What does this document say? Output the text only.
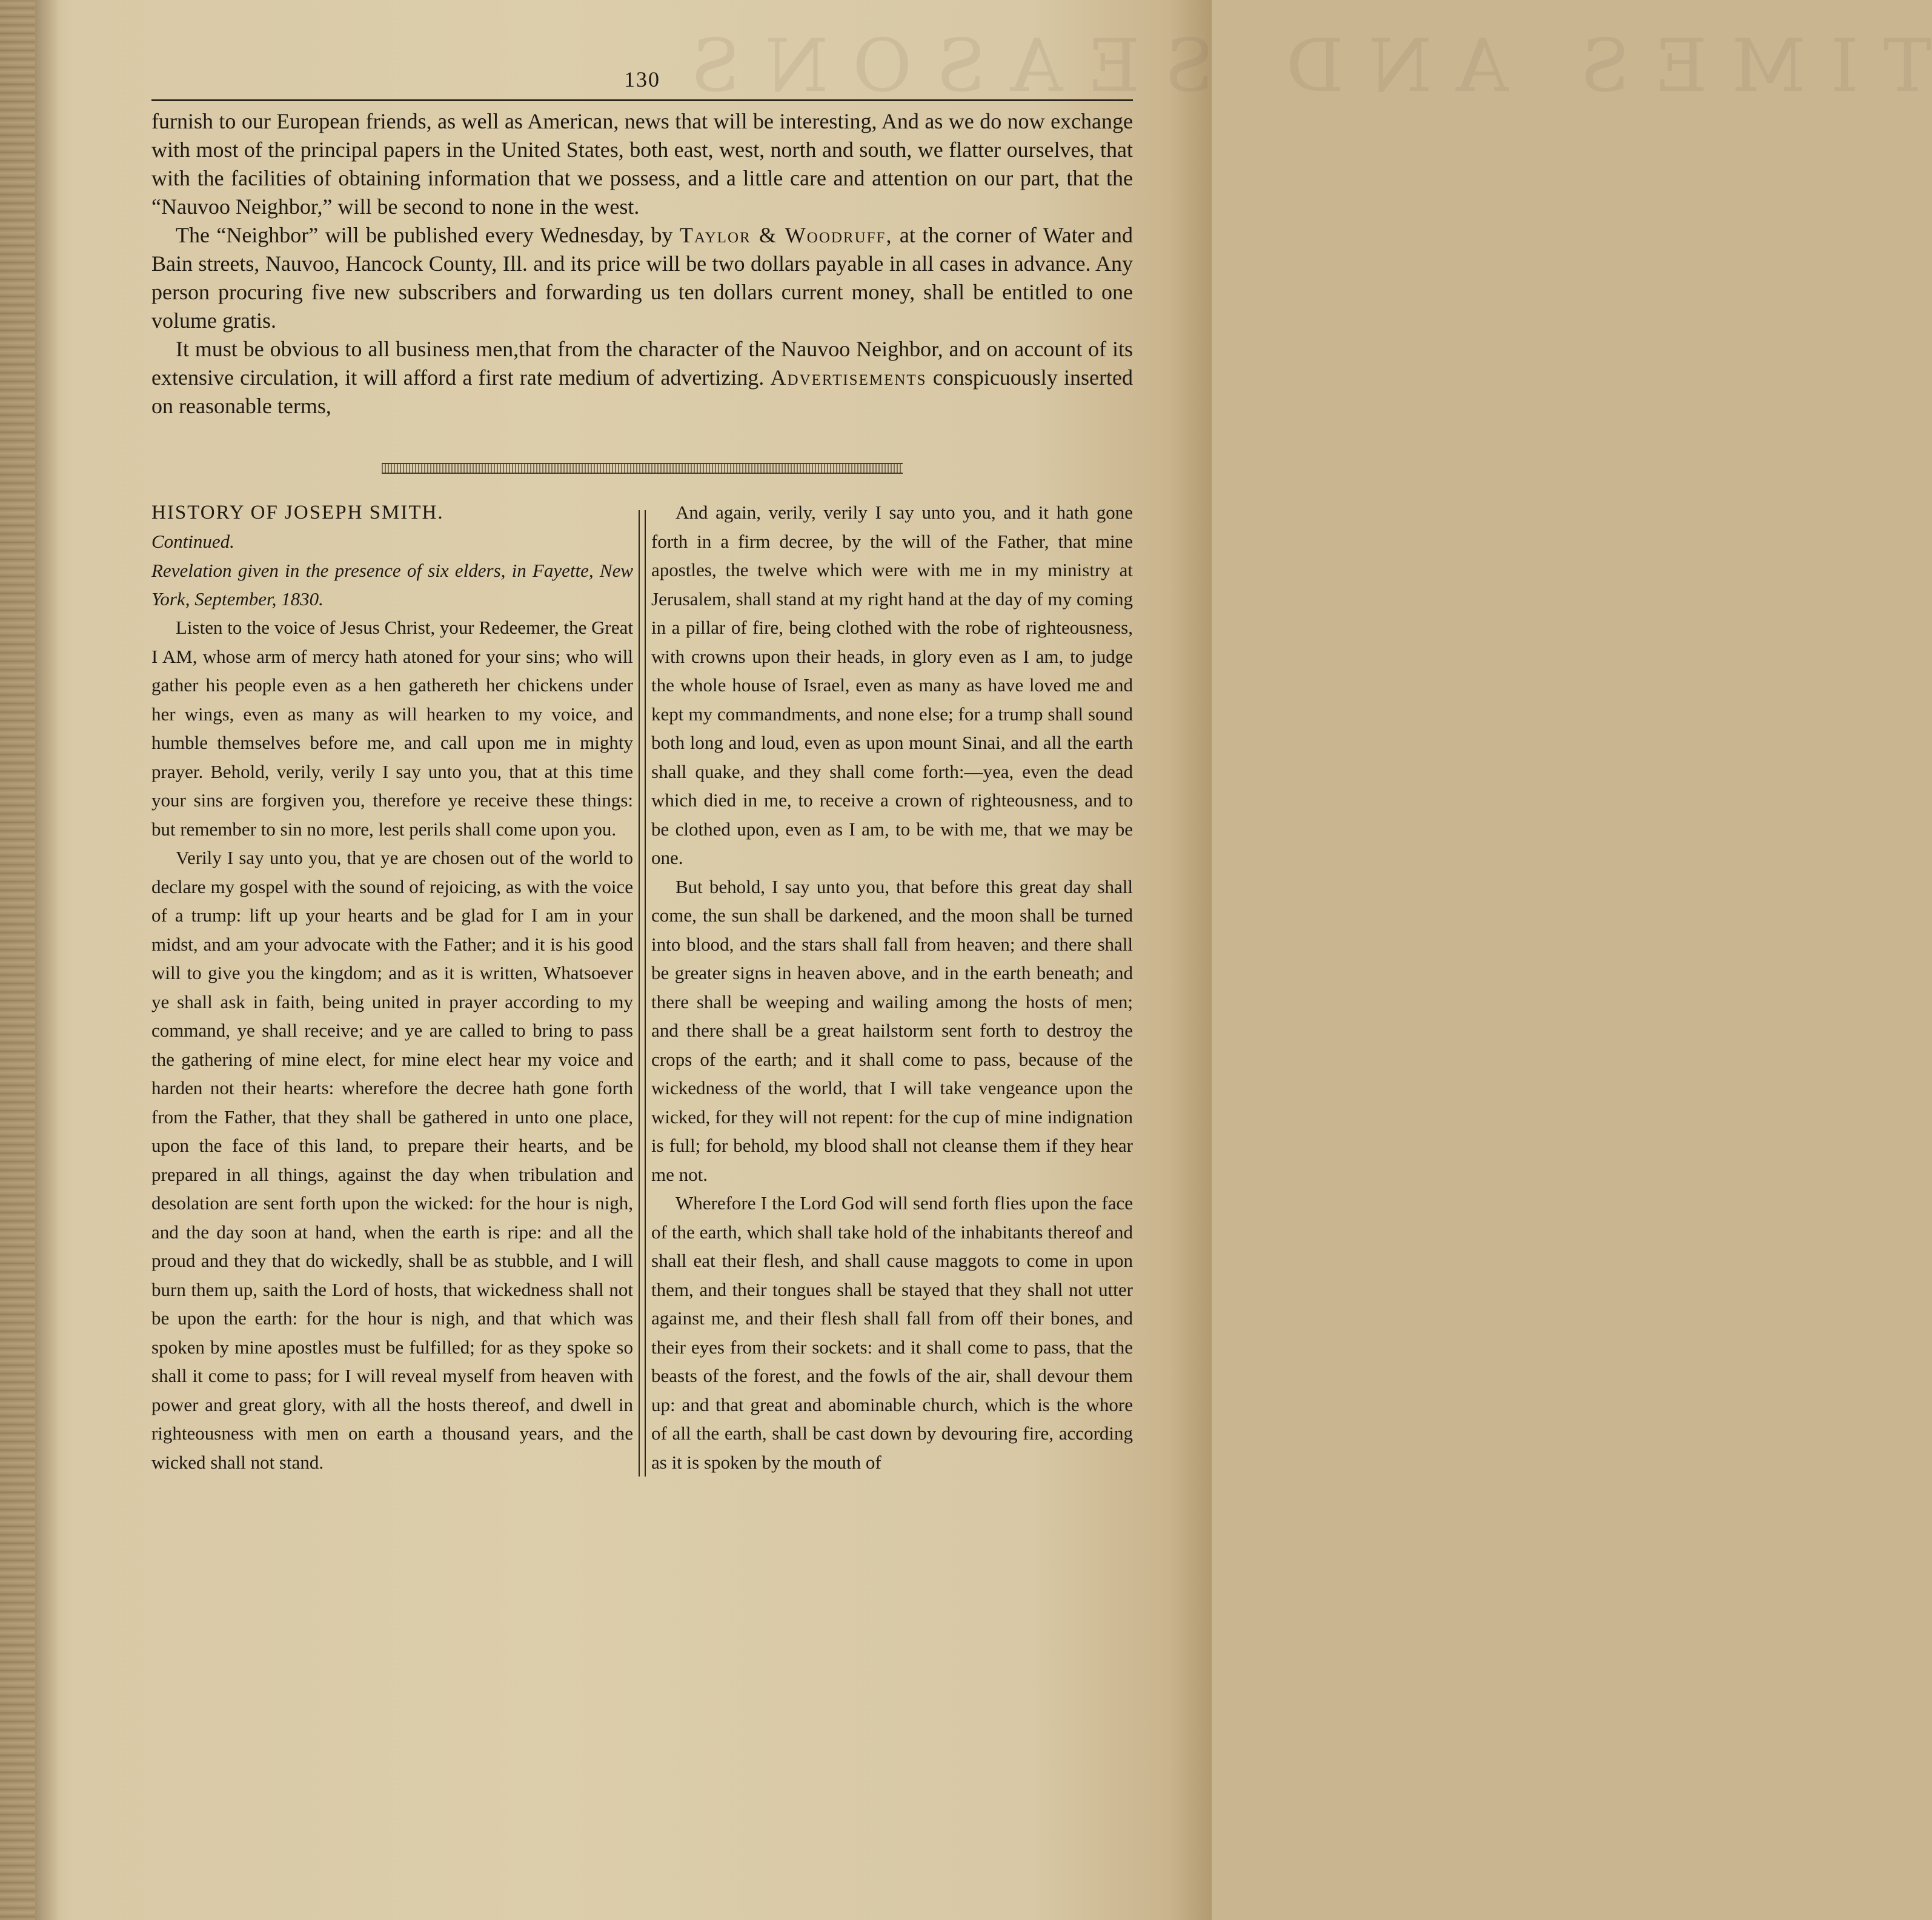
TIMES AND SEASONS
130

furnish to our European friends, as well as American, news that will be interesting, And as we do now exchange with most of the principal papers in the United States, both east, west, north and south, we flatter ourselves, that with the facilities of obtaining information that we possess, and a little care and attention on our part, that the “Nauvoo Neighbor,” will be second to none in the west.

The “Neighbor” will be published every Wednesday, by Taylor & Woodruff, at the corner of Water and Bain streets, Nauvoo, Hancock County, Ill. and its price will be two dollars payable in all cases in advance. Any person procuring five new subscribers and forwarding us ten dollars current money, shall be entitled to one volume gratis.

It must be obvious to all business men,that from the character of the Nauvoo Neighbor, and on account of its extensive circulation, it will afford a first rate medium of advertizing. Advertisements conspicuously inserted on reasonable terms,

HISTORY OF JOSEPH SMITH.

Continued.

Revelation given in the presence of six elders, in Fayette, New York, September, 1830.

Listen to the voice of Jesus Christ, your Redeemer, the Great I AM, whose arm of mercy hath atoned for your sins; who will gather his people even as a hen gathereth her chickens under her wings, even as many as will hearken to my voice, and humble themselves before me, and call upon me in mighty prayer. Behold, verily, verily I say unto you, that at this time your sins are forgiven you, therefore ye receive these things: but remember to sin no more, lest perils shall come upon you.

Verily I say unto you, that ye are chosen out of the world to declare my gospel with the sound of rejoicing, as with the voice of a trump: lift up your hearts and be glad for I am in your midst, and am your advocate with the Father; and it is his good will to give you the kingdom; and as it is written, Whatsoever ye shall ask in faith, being united in prayer according to my command, ye shall receive; and ye are called to bring to pass the gathering of mine elect, for mine elect hear my voice and harden not their hearts: wherefore the decree hath gone forth from the Father, that they shall be gathered in unto one place, upon the face of this land, to prepare their hearts, and be prepared in all things, against the day when tribulation and desolation are sent forth upon the wicked: for the hour is nigh, and the day soon at hand, when the earth is ripe: and all the proud and they that do wickedly, shall be as stubble, and I will burn them up, saith the Lord of hosts, that wickedness shall not be upon the earth: for the hour is nigh, and that which was spoken by mine apostles must be fulfilled; for as they spoke so shall it come to pass; for I will reveal myself from heaven with power and great glory, with all the hosts thereof, and dwell in righteousness with men on earth a thousand years, and the wicked shall not stand.

And again, verily, verily I say unto you, and it hath gone forth in a firm decree, by the will of the Father, that mine apostles, the twelve which were with me in my ministry at Jerusalem, shall stand at my right hand at the day of my coming in a pillar of fire, being clothed with the robe of righteousness, with crowns upon their heads, in glory even as I am, to judge the whole house of Israel, even as many as have loved me and kept my commandments, and none else; for a trump shall sound both long and loud, even as upon mount Sinai, and all the earth shall quake, and they shall come forth:—yea, even the dead which died in me, to receive a crown of righteousness, and to be clothed upon, even as I am, to be with me, that we may be one.

But behold, I say unto you, that before this great day shall come, the sun shall be darkened, and the moon shall be turned into blood, and the stars shall fall from heaven; and there shall be greater signs in heaven above, and in the earth beneath; and there shall be weeping and wailing among the hosts of men; and there shall be a great hailstorm sent forth to destroy the crops of the earth; and it shall come to pass, because of the wickedness of the world, that I will take vengeance upon the wicked, for they will not repent: for the cup of mine indignation is full; for behold, my blood shall not cleanse them if they hear me not.

Wherefore I the Lord God will send forth flies upon the face of the earth, which shall take hold of the inhabitants thereof and shall eat their flesh, and shall cause maggots to come in upon them, and their tongues shall be stayed that they shall not utter against me, and their flesh shall fall from off their bones, and their eyes from their sockets: and it shall come to pass, that the beasts of the forest, and the fowls of the air, shall devour them up: and that great and abominable church, which is the whore of all the earth, shall be cast down by devouring fire, according as it is spoken by the mouth of
